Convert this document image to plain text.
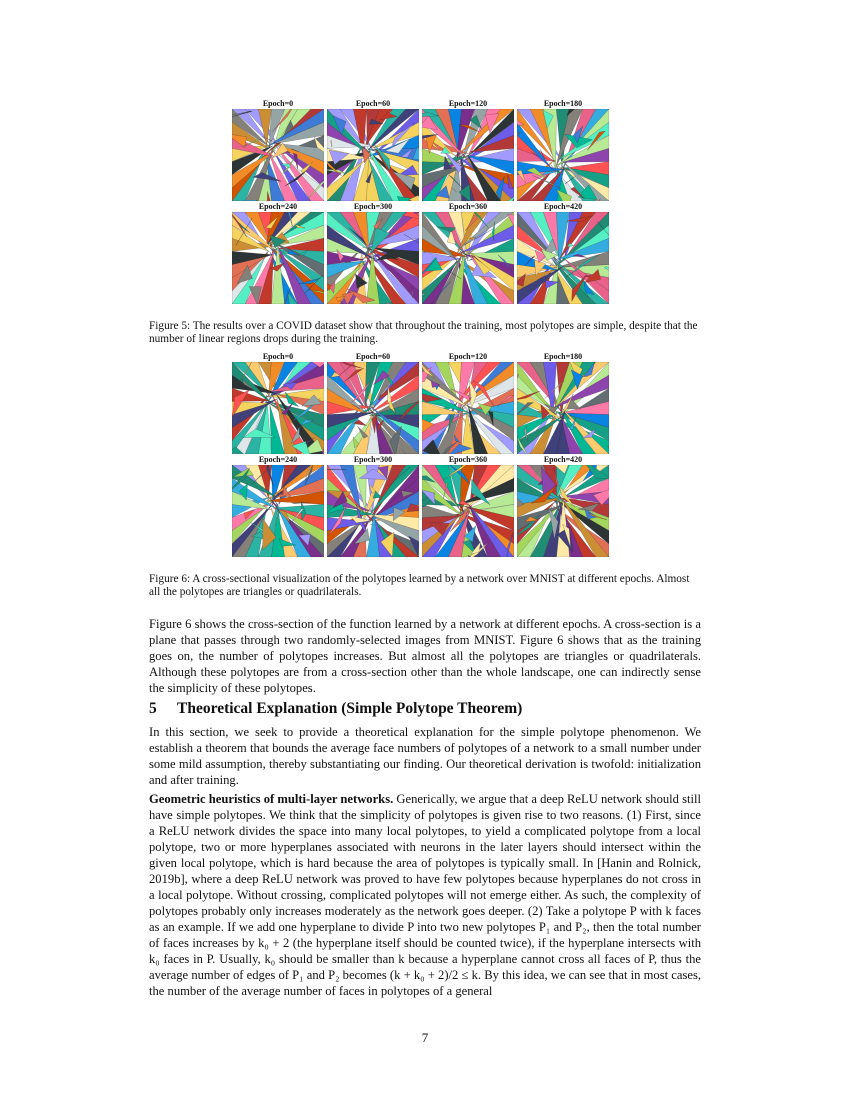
Epoch=0	Epoch=60	Epoch=120	Epoch=180
Epoch=240	Epoch=300	Epoch=360	Epoch=420
Figure 5: The results over a COVID dataset show that throughout the training, most polytopes are simple, despite that the number of linear regions drops during the training.
Epoch=0	Epoch=60	Epoch=120	Epoch=180
Epoch=240	Epoch=300	Epoch=360	Epoch=420
Figure 6: A cross-sectional visualization of the polytopes learned by a network over MNIST at different epochs. Almost all the polytopes are triangles or quadrilaterals.

Figure 6 shows the cross-section of the function learned by a network at different epochs. A cross-section is a plane that passes through two randomly-selected images from MNIST. Figure 6 shows that as the training goes on, the number of polytopes increases. But almost all the polytopes are triangles or quadrilaterals. Although these polytopes are from a cross-section other than the whole landscape, one can indirectly sense the simplicity of these polytopes.

5 Theoretical Explanation (Simple Polytope Theorem)

In this section, we seek to provide a theoretical explanation for the simple polytope phenomenon. We establish a theorem that bounds the average face numbers of polytopes of a network to a small number under some mild assumption, thereby substantiating our finding. Our theoretical derivation is twofold: initialization and after training.

Geometric heuristics of multi-layer networks. Generically, we argue that a deep ReLU network should still have simple polytopes. We think that the simplicity of polytopes is given rise to two reasons. (1) First, since a ReLU network divides the space into many local polytopes, to yield a complicated polytope from a local polytope, two or more hyperplanes associated with neurons in the later layers should intersect within the given local polytope, which is hard because the area of polytopes is typically small. In [Hanin and Rolnick, 2019b], where a deep ReLU network was proved to have few polytopes because hyperplanes do not cross in a local polytope. Without crossing, complicated polytopes will not emerge either. As such, the complexity of polytopes probably only increases moderately as the network goes deeper. (2) Take a polytope P with k faces as an example. If we add one hyperplane to divide P into two new polytopes P₁ and P₂, then the total number of faces increases by k₀ + 2 (the hyperplane itself should be counted twice), if the hyperplane intersects with k₀ faces in P. Usually, k₀ should be smaller than k because a hyperplane cannot cross all faces of P, thus the average number of edges of P₁ and P₂ becomes (k + k₀ + 2)/2 ≤ k. By this idea, we can see that in most cases, the number of the average number of faces in polytopes of a general

7
